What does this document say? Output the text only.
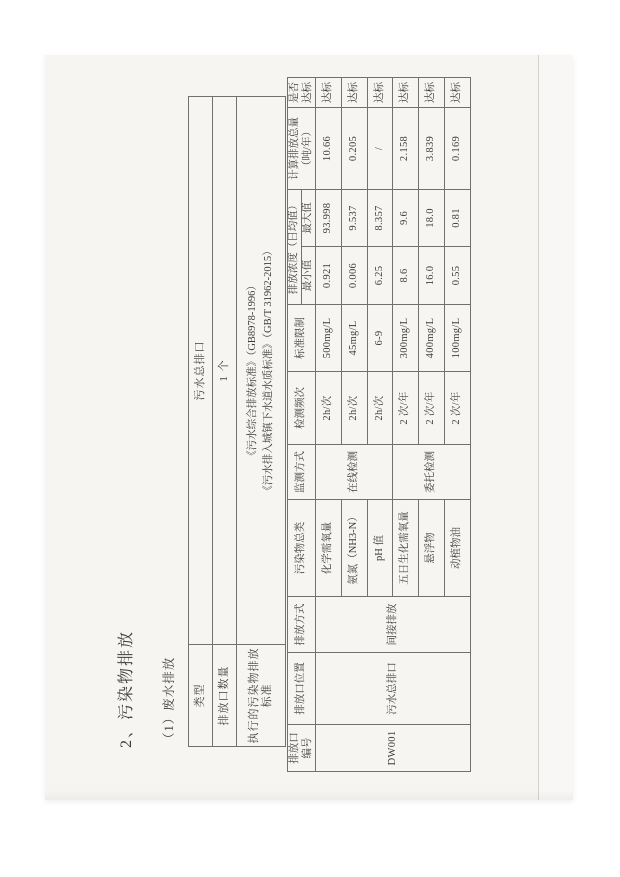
2、污染物排放 （1）废水排放 类型	污水总排口
排放口数量	1 个
执行的污染物排放标准	《污水综合排放标准》（GB8978-1996） 《污水排入城镇下水道水质标准》（GB/T 31962-2015）
排放口 编号	排放口位置	排放方式	污染物总类	监测方式	检测频次	标准限制	排放浓度（日均值）		计算排放总量 （吨/年）	是否 达标

							最小值	最大值		
DW001	污水总排口	间接排放	化学需氧量	在线检测	2h/次	500mg/L	0.921	93.998	10.66	达标
			氨氮（NH3-N）		2h/次	45mg/L	0.006	9.537	0.205	达标
			pH 值		2h/次	6-9	6.25	8.357	/	达标
			五日生化需氧量	委托检测	2 次/年	300mg/L	8.6	9.6	2.158	达标
			悬浮物		2 次/年	400mg/L	16.0	18.0	3.839	达标
			动植物油		2 次/年	100mg/L	0.55	0.81	0.169	达标
